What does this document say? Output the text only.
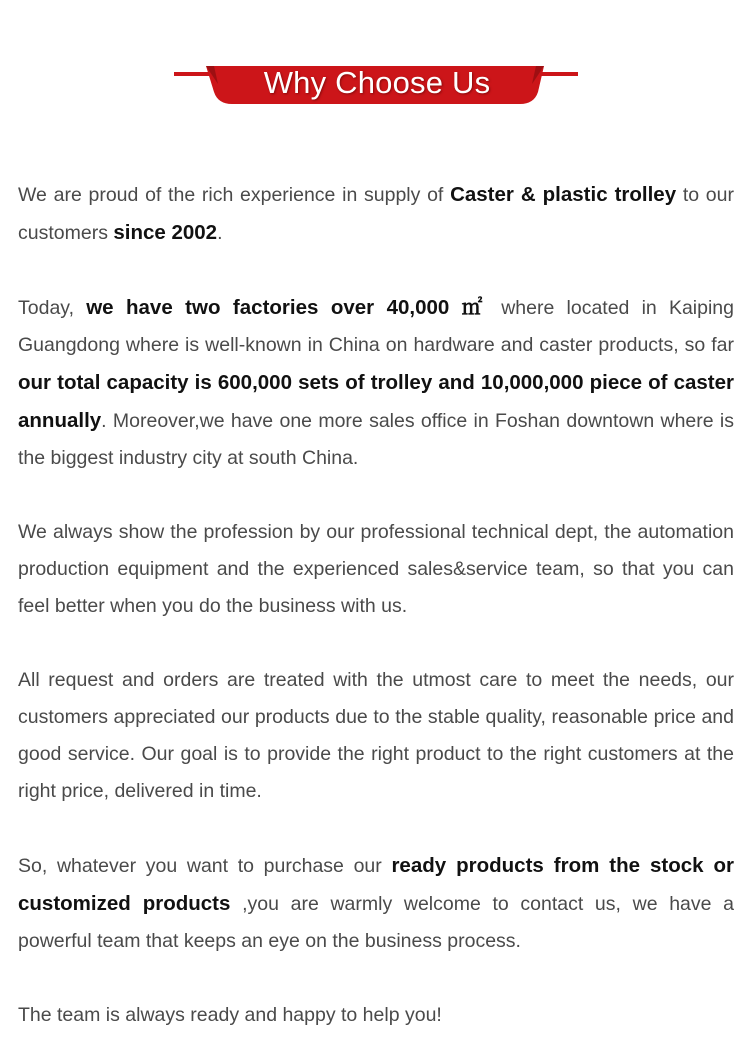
Why Choose Us

We are proud of the rich experience in supply of Caster & plastic trolley to our customers since 2002.

Today, we have two factories over 40,000 ㎡ where located in Kaiping Guangdong where is well-known in China on hardware and caster products, so far our total capacity is 600,000 sets of trolley and 10,000,000 piece of caster annually. Moreover,we have one more sales office in Foshan downtown where is the biggest industry city at south China.

We always show the profession by our professional technical dept, the automation production equipment and the experienced sales&service team, so that you can feel better when you do the business with us.

All request and orders are treated with the utmost care to meet the needs, our customers appreciated our products due to the stable quality, reasonable price and good service. Our goal is to provide the right product to the right customers at the right price, delivered in time.

So, whatever you want to purchase our ready products from the stock or customized products ,you are warmly welcome to contact us, we have a powerful team that keeps an eye on the business process.

The team is always ready and happy to help you!
